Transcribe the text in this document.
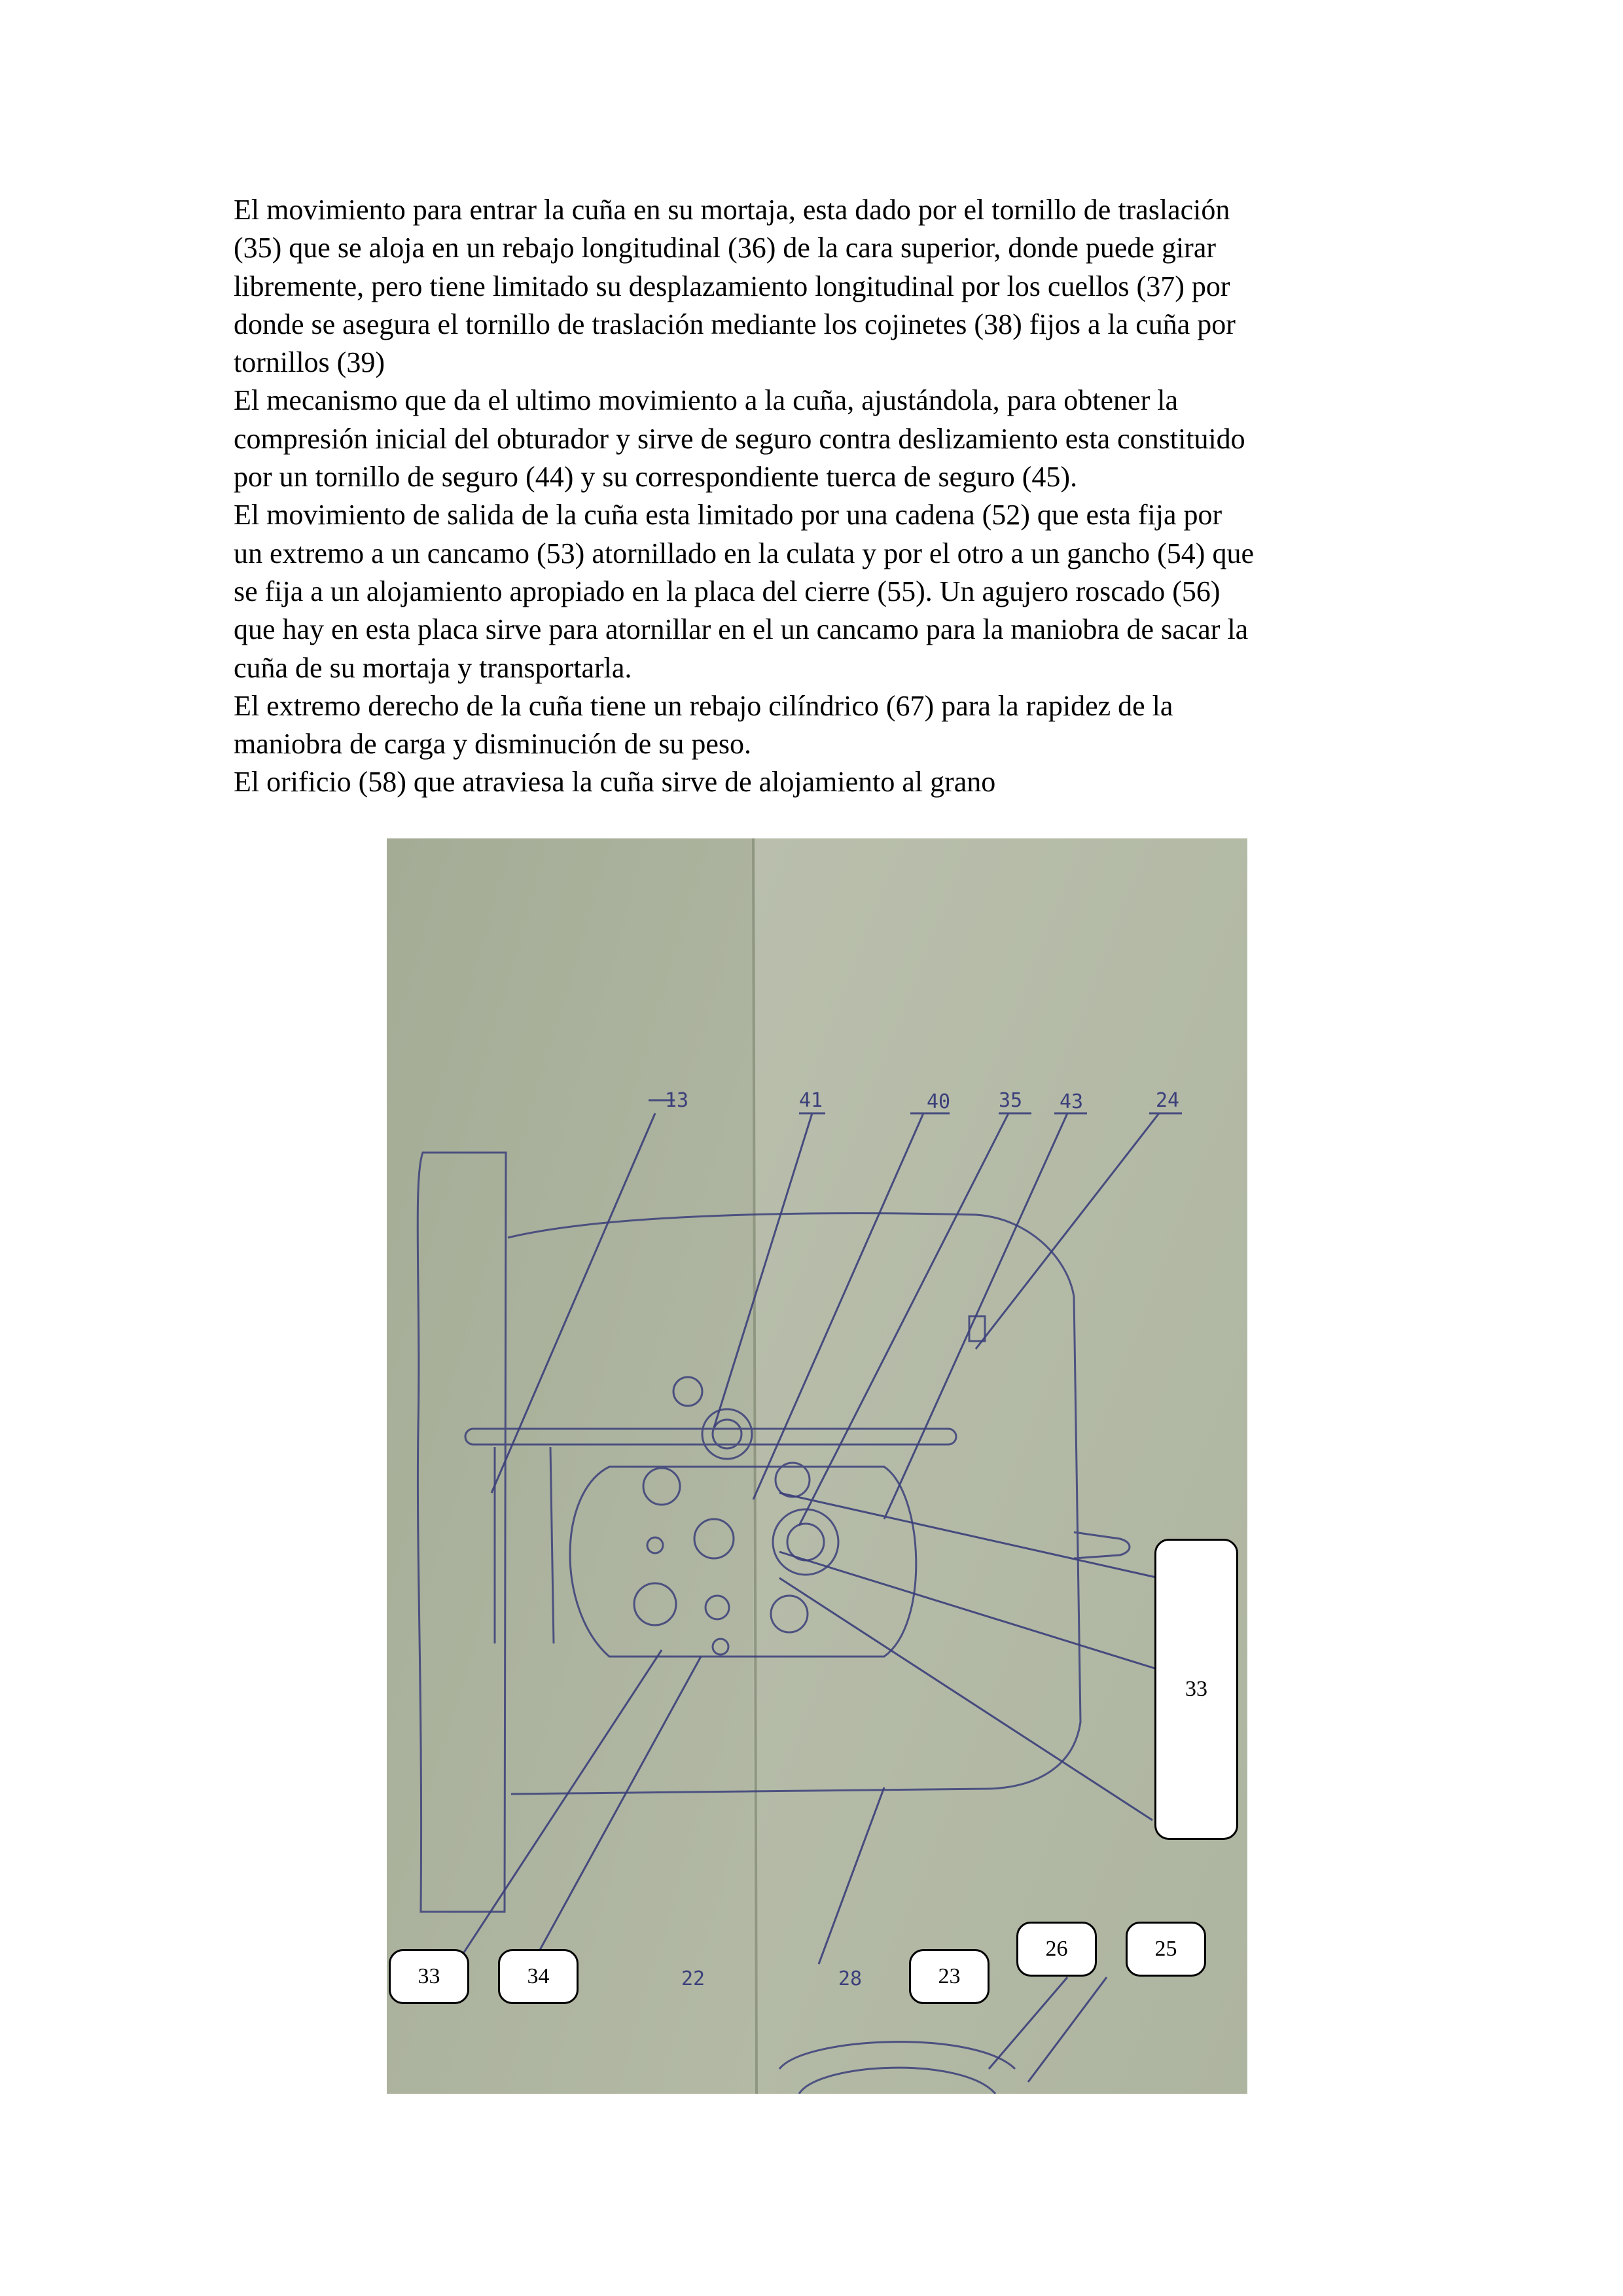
El movimiento para entrar la cuña en su mortaja, esta dado por el tornillo de traslación
(35) que se aloja en un rebajo longitudinal (36) de la cara superior, donde puede girar
libremente, pero tiene limitado su desplazamiento longitudinal por los cuellos (37) por
donde se asegura el tornillo de traslación mediante los cojinetes (38) fijos a la cuña por
tornillos (39)
El mecanismo que da el ultimo movimiento a la cuña, ajustándola, para obtener la
compresión inicial del obturador y sirve de seguro contra deslizamiento esta constituido
por un tornillo de seguro (44) y su correspondiente tuerca de seguro (45).
El movimiento de salida de la cuña esta limitado por una cadena (52) que esta fija por
un extremo a un cancamo (53) atornillado en la culata y por el otro a un gancho (54) que
se fija a un alojamiento apropiado en la placa del cierre (55). Un agujero roscado (56)
que hay en esta placa sirve para atornillar en el un cancamo para la maniobra de sacar la
cuña de su mortaja y transportarla.
El extremo derecho de la cuña tiene un rebajo cilíndrico (67) para la rapidez de la
maniobra de carga y disminución de su peso.
El orificio (58) que atraviesa la cuña sirve de alojamiento al grano
13	41	40 35 43	24
22	28
33
33	34	23
26	25
